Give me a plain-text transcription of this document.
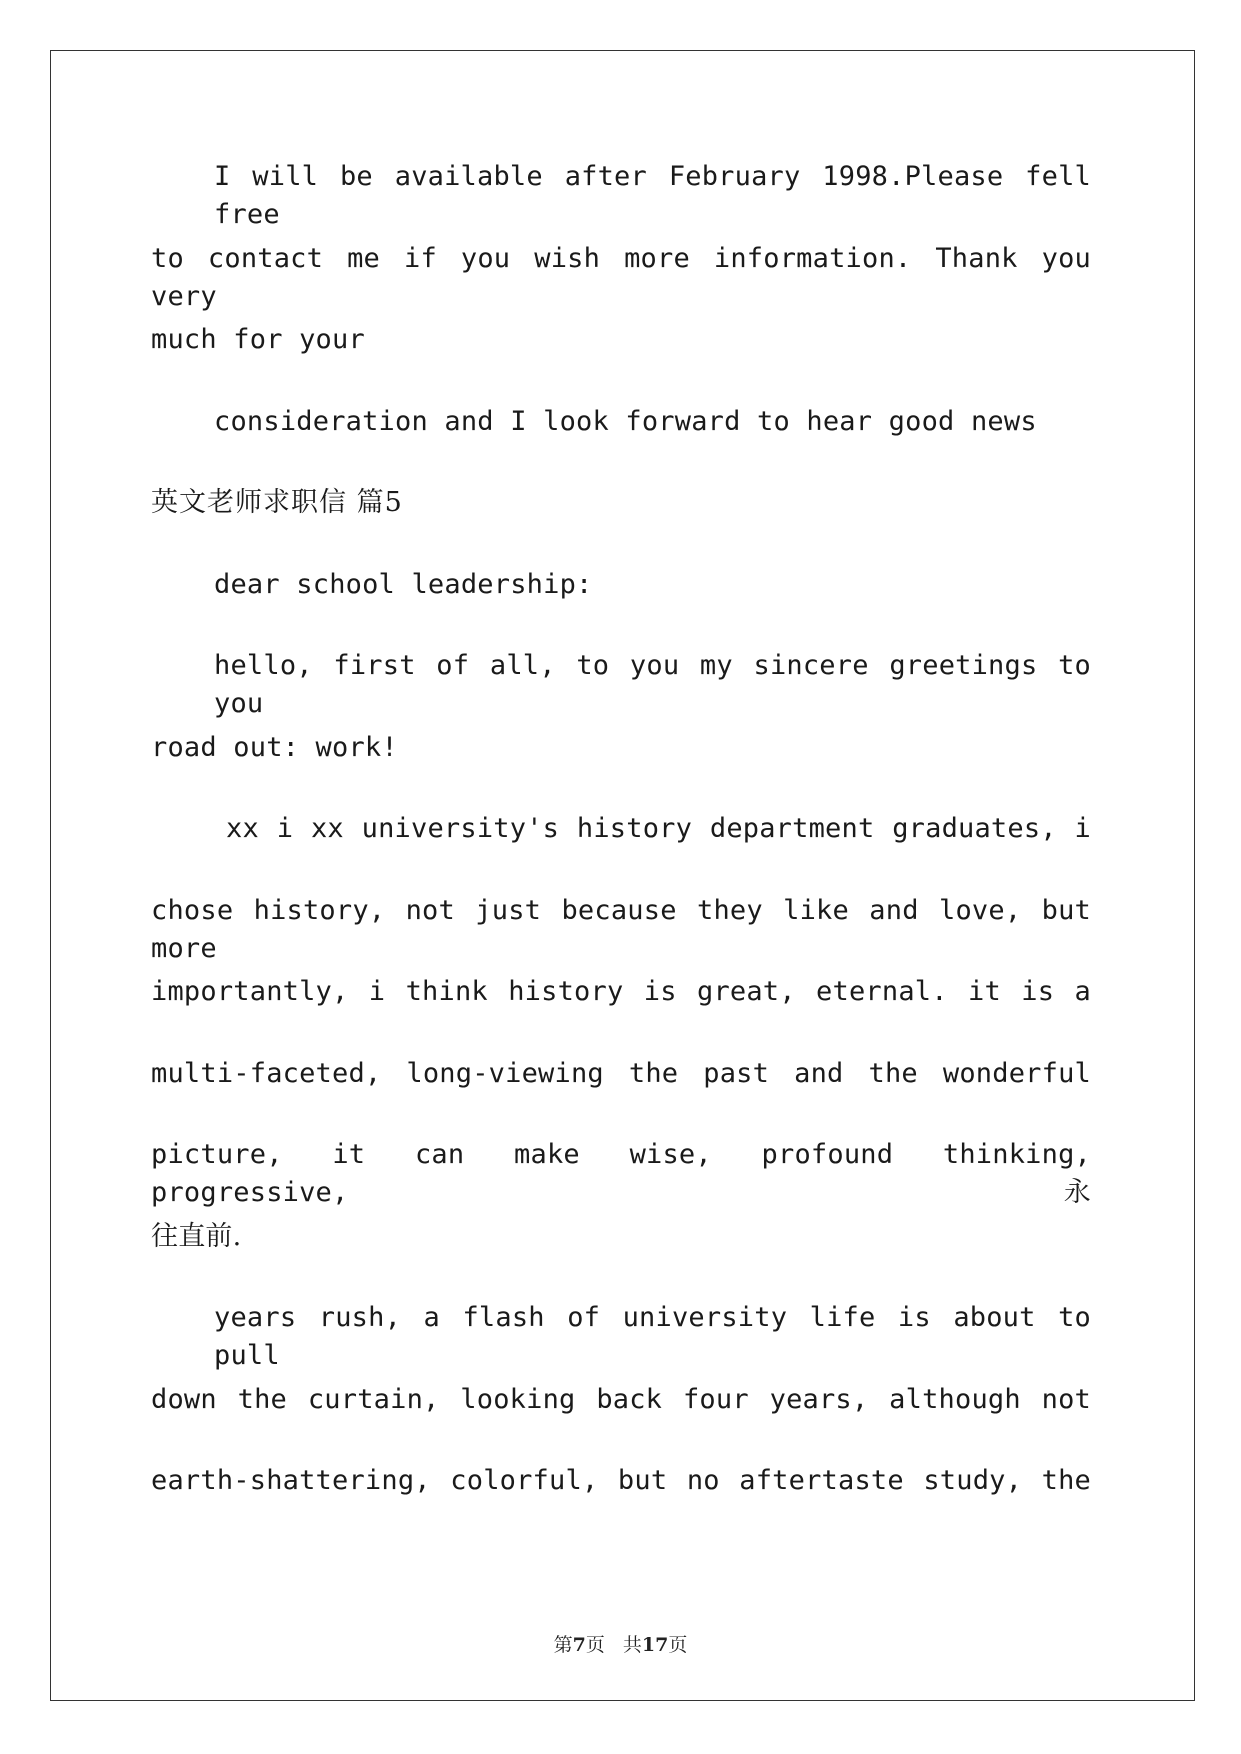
I will be available after February 1998.Please fell free
to contact me if you wish more information. Thank you very
much for your
consideration and I look forward to hear good news
英文老师求职信 篇5
dear school leadership:
hello, first of all, to you my sincere greetings to you
road out: work!
xx i xx university's history department graduates, i
chose history, not just because they like and love, but more
importantly, i think history is great, eternal. it is a
multi-faceted, long-viewing the past and the wonderful
picture, it can make wise, profound thinking, progressive,永
往直前.
years rush, a flash of university life is about to pull
down the curtain, looking back four years, although not
earth-shattering, colorful, but no aftertaste study, the
第7页 共17页
